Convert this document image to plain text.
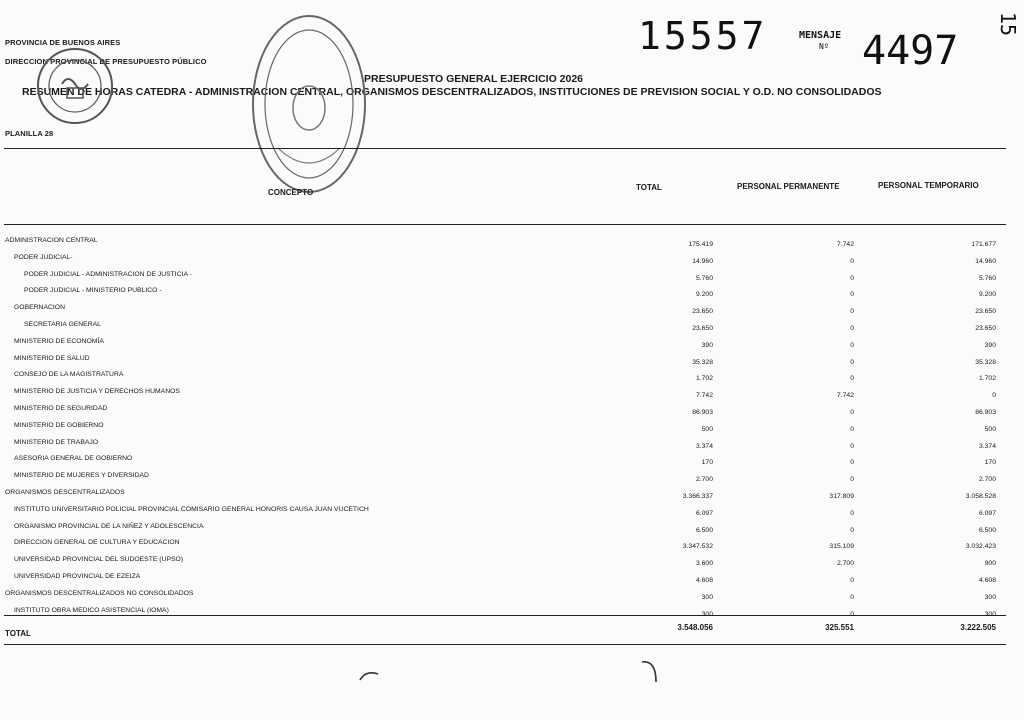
PROVINCIA DE BUENOS AIRES
DIRECCION PROVINCIAL DE PRESUPUESTO PÚBLICO
PRESUPUESTO GENERAL EJERCICIO 2026
RESUMEN DE HORAS CATEDRA - ADMINISTRACION CENTRAL, ORGANISMOS DESCENTRALIZADOS, INSTITUCIONES DE PREVISION SOCIAL Y O.D. NO CONSOLIDADOS
PLANILLA 28
15557	MENSAJE
Nº 4497
15
CONCEPTO
TOTAL	PERSONAL PERMANENTE	PERSONAL TEMPORARIO
ADMINISTRACION CENTRAL
175.419	7.742	171.677
PODER JUDICIAL-
14.960	0	14.960
PODER JUDICIAL - ADMINISTRACION DE JUSTICIA -
5.760	0	5.760
PODER JUDICIAL - MINISTERIO PUBLICO -
9.200	0	9.200
GOBERNACION
23.650	0	23.650
SECRETARIA GENERAL
23.650	0	23.650
MINISTERIO DE ECONOMÍA
390	0	390
MINISTERIO DE SALUD
35.328	0	35.328
CONSEJO DE LA MAGISTRATURA
1.702	0	1.702
MINISTERIO DE JUSTICIA Y DERECHOS HUMANOS
7.742	7.742	0
MINISTERIO DE SEGURIDAD
86.903	0	86.903
MINISTERIO DE GOBIERNO
500	0	500
MINISTERIO DE TRABAJO
3.374	0	3.374
ASESORIA GENERAL DE GOBIERNO
170	0	170
MINISTERIO DE MUJERES Y DIVERSIDAD
2.700	0	2.700
ORGANISMOS DESCENTRALIZADOS
3.366.337	317.809	3.058.528
INSTITUTO UNIVERSITARIO POLICIAL PROVINCIAL COMISARIO GENERAL HONORIS CAUSA JUAN VUCETICH
6.097	0	6.097
ORGANISMO PROVINCIAL DE LA NIÑEZ Y ADOLESCENCIA
6.500	0	6.500
DIRECCION GENERAL DE CULTURA Y EDUCACION
3.347.532	315.109	3.032.423
UNIVERSIDAD PROVINCIAL DEL SUDOESTE (UPSO)
3.600	2.700	900
UNIVERSIDAD PROVINCIAL DE EZEIZA
4.608	0	4.608
ORGANISMOS DESCENTRALIZADOS NO CONSOLIDADOS
300	0	300
INSTITUTO OBRA MEDICO ASISTENCIAL (IOMA)
300	0	300
TOTAL
3.548.056	325.551	3.222.505
